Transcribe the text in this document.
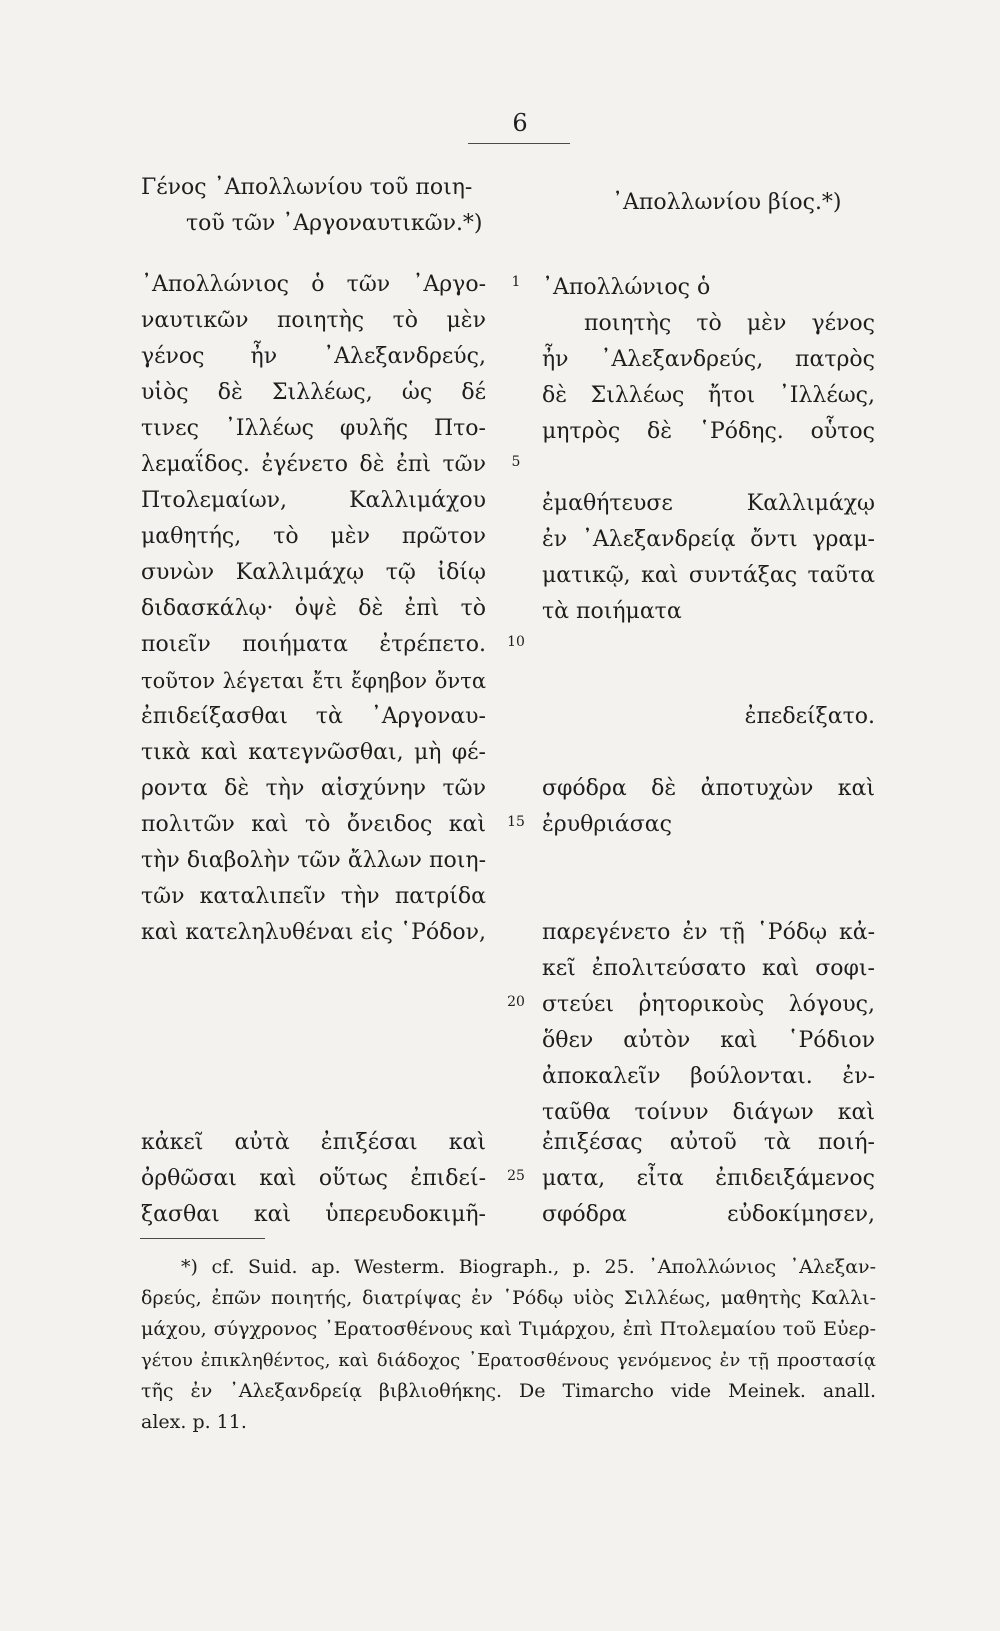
6
Γένος ᾿Απολλωνίου τοῦ ποιη-
τοῦ τῶν ᾿Αργοναυτικῶν.*)
᾿Απολλώνιος ὁ τῶν ᾿Αργο-
ναυτικῶν ποιητὴς τὸ μὲν
γένος ἦν ᾿Αλεξανδρεύς,
υἱὸς δὲ Σιλλέως, ὡς δέ
τινες ᾿Ιλλέως φυλῆς Πτο-
λεμαΐδος. ἐγένετο δὲ ἐπὶ τῶν
Πτολεμαίων, Καλλιμάχου
μαθητής, τὸ μὲν πρῶτον
συνὼν Καλλιμάχῳ τῷ ἰδίῳ
διδασκάλῳ· ὀψὲ δὲ ἐπὶ τὸ
ποιεῖν ποιήματα ἐτρέπετο.
τοῦτον λέγεται ἔτι ἔφηβον ὄντα
ἐπιδείξασθαι τὰ ᾿Αργοναυ-
τικὰ καὶ κατεγνῶσθαι, μὴ φέ-
ροντα δὲ τὴν αἰσχύνην τῶν
πολιτῶν καὶ τὸ ὄνειδος καὶ
τὴν διαβολὴν τῶν ἄλλων ποιη-
τῶν καταλιπεῖν τὴν πατρίδα
καὶ κατεληλυθέναι εἰς ῾Ρόδον,
κἀκεῖ αὐτὰ ἐπιξέσαι καὶ
ὀρθῶσαι καὶ οὕτως ἐπιδεί-
ξασθαι καὶ ὑπερευδοκιμῆ-
1
5
10
15
20
25
᾿Απολλωνίου βίος.*)
᾿Απολλώνιος ὁ
ποιητὴς τὸ μὲν γένος
ἦν ᾿Αλεξανδρεύς, πατρὸς
δὲ Σιλλέως ἤτοι ᾿Ιλλέως,
μητρὸς δὲ ῾Ρόδης. οὗτος
ἐμαθήτευσε Καλλιμάχῳ
ἐν ᾿Αλεξανδρείᾳ ὄντι γραμ-
ματικῷ, καὶ συντάξας ταῦτα
τὰ ποιήματα
ἐπεδείξατο.
σφόδρα δὲ ἀποτυχὼν καὶ
ἐρυθριάσας
παρεγένετο ἐν τῇ ῾Ρόδῳ κἀ-
κεῖ ἐπολιτεύσατο καὶ σοφι-
στεύει ῥητορικοὺς λόγους,
ὅθεν αὐτὸν καὶ ῾Ρόδιον
ἀποκαλεῖν βούλονται. ἐν-
ταῦθα τοίνυν διάγων καὶ
ἐπιξέσας αὐτοῦ τὰ ποιή-
ματα, εἶτα ἐπιδειξάμενος
σφόδρα εὐδοκίμησεν,
*) cf. Suid. ap. Westerm. Biograph., p. 25. ᾿Απολλώνιος ᾿Αλεξαν-
δρεύς, ἐπῶν ποιητής, διατρίψας ἐν ῾Ρόδῳ υἱὸς Σιλλέως, μαθητὴς Καλλι-
μάχου, σύγχρονος ᾿Ερατοσθένους καὶ Τιμάρχου, ἐπὶ Πτολεμαίου τοῦ Εὐερ-
γέτου ἐπικληθέντος, καὶ διάδοχος ᾿Ερατοσθένους γενόμενος ἐν τῇ προστασίᾳ
τῆς ἐν ᾿Αλεξανδρείᾳ βιβλιοθήκης. De Timarcho vide Meinek. anall.
alex. p. 11.
